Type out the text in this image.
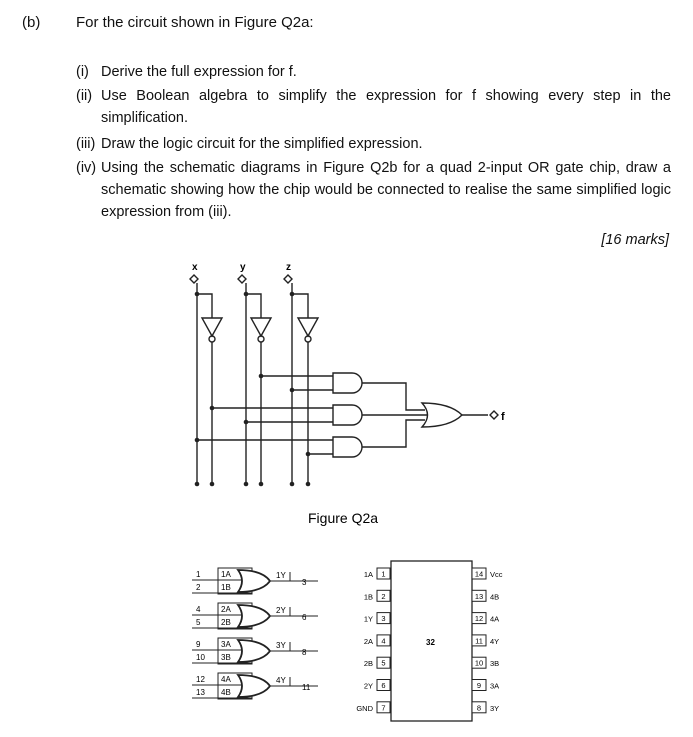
(b) For the circuit shown in Figure Q2a:
(i) Derive the full expression for f.
(ii) Use Boolean algebra to simplify the expression for f showing every step in the simplification.
(iii) Draw the logic circuit for the simplified expression.
(iv) Using the schematic diagrams in Figure Q2b for a quad 2-input OR gate chip, draw a schematic showing how the chip would be connected to realise the same simplified logic expression from (iii).
[16 marks]
x	y	z
f
Figure Q2a
1	1A
2	1B
1Y
3
4	2A
5	2B
2Y
6
9	3A
10 3B
3Y
8
12 4A
13 4B
4Y
11
32
1
1A
2
1B
3
1Y
4
2A
5
2B
6
2Y
7
GND
14 Vcc
13 4B
12 4A
11 4Y
10 3B
9 3A
8 3Y
